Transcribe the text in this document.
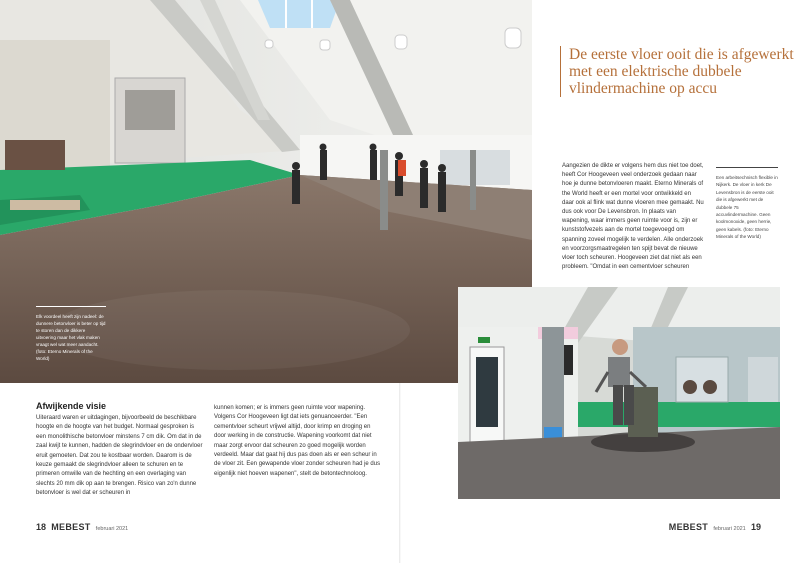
Elk voordeel heeft zijn nadeel: de dunnere betonvloer is beter op tijd te storen dan de dikkere uitvoering maar het vlak maken vraagt wel wat meer aandacht. (foto: Eterno Minerals of the World)
De eerste vloer ooit die is afgewerkt met een elektrische dubbele vlindermachine op accu
Aangezien de dikte er volgens hem dus niet toe doet, heeft Cor Hoogeveen veel onderzoek gedaan naar hoe je dunne betonvloeren maakt. Eterno Minerals of the World heeft er een mortel voor ontwikkeld en daar ook al flink wat dunne vloeren mee gemaakt. Nu dus ook voor De Levensbron. In plaats van wapening, waar immers geen ruimte voor is, zijn er kunststofvezels aan de mortel toegevoegd om spanning zoveel mogelijk te verdelen. Alle onderzoek en voorzorgsmaatregelen ten spijt bevat de nieuwe vloer toch scheuren. Hoogeveen ziet dat niet als een probleem. "Omdat in een cementvloer scheuren
Een arbeitsechnisch flexible in Nijkerk. De vloer in kerk De Levensbron is de eerste ooit die is afgewerkt met de dubbele 75 accuvlindermachine. Geen koolmonoxide, geen herrie, geen kabels. (foto: Eterno Minerals of the World)
Afwijkende visie
Uiteraard waren er uitdagingen, bijvoorbeeld de beschikbare hoogte en de hoogte van het budget. Normaal gesproken is een monolithische betonvloer minstens 7 cm dik. Om dat in de zaal kwijt te kunnen, hadden de slegrindvloer en de ondervloer eruit gemoeten. Dat zou te kostbaar worden. Daarom is de keuze gemaakt de slegrindvloer alleen te schuren en te primeren omwille van de hechting en een overlaging van slechts 20 mm dik op aan te brengen. Risico van zo'n dunne betonvloer is wel dat er scheuren in
kunnen komen; er is immers geen ruimte voor wapening. Volgens Cor Hoogeveen ligt dat iets genuanceerder. "Een cementvloer scheurt vrijwel altijd, door krimp en droging en door werking in de constructie. Wapening voorkomt dat niet maar zorgt ervoor dat scheuren zo goed mogelijk worden verdeeld. Maar dat gaat hij dus pas doen als er een scheur in de vloer zit. Een gewapende vloer zonder scheuren had je dus eigenlijk niet hoeven wapenen", stelt de betontechnoloog.
18 MEBEST februari 2021	MEBEST februari 2021 19
